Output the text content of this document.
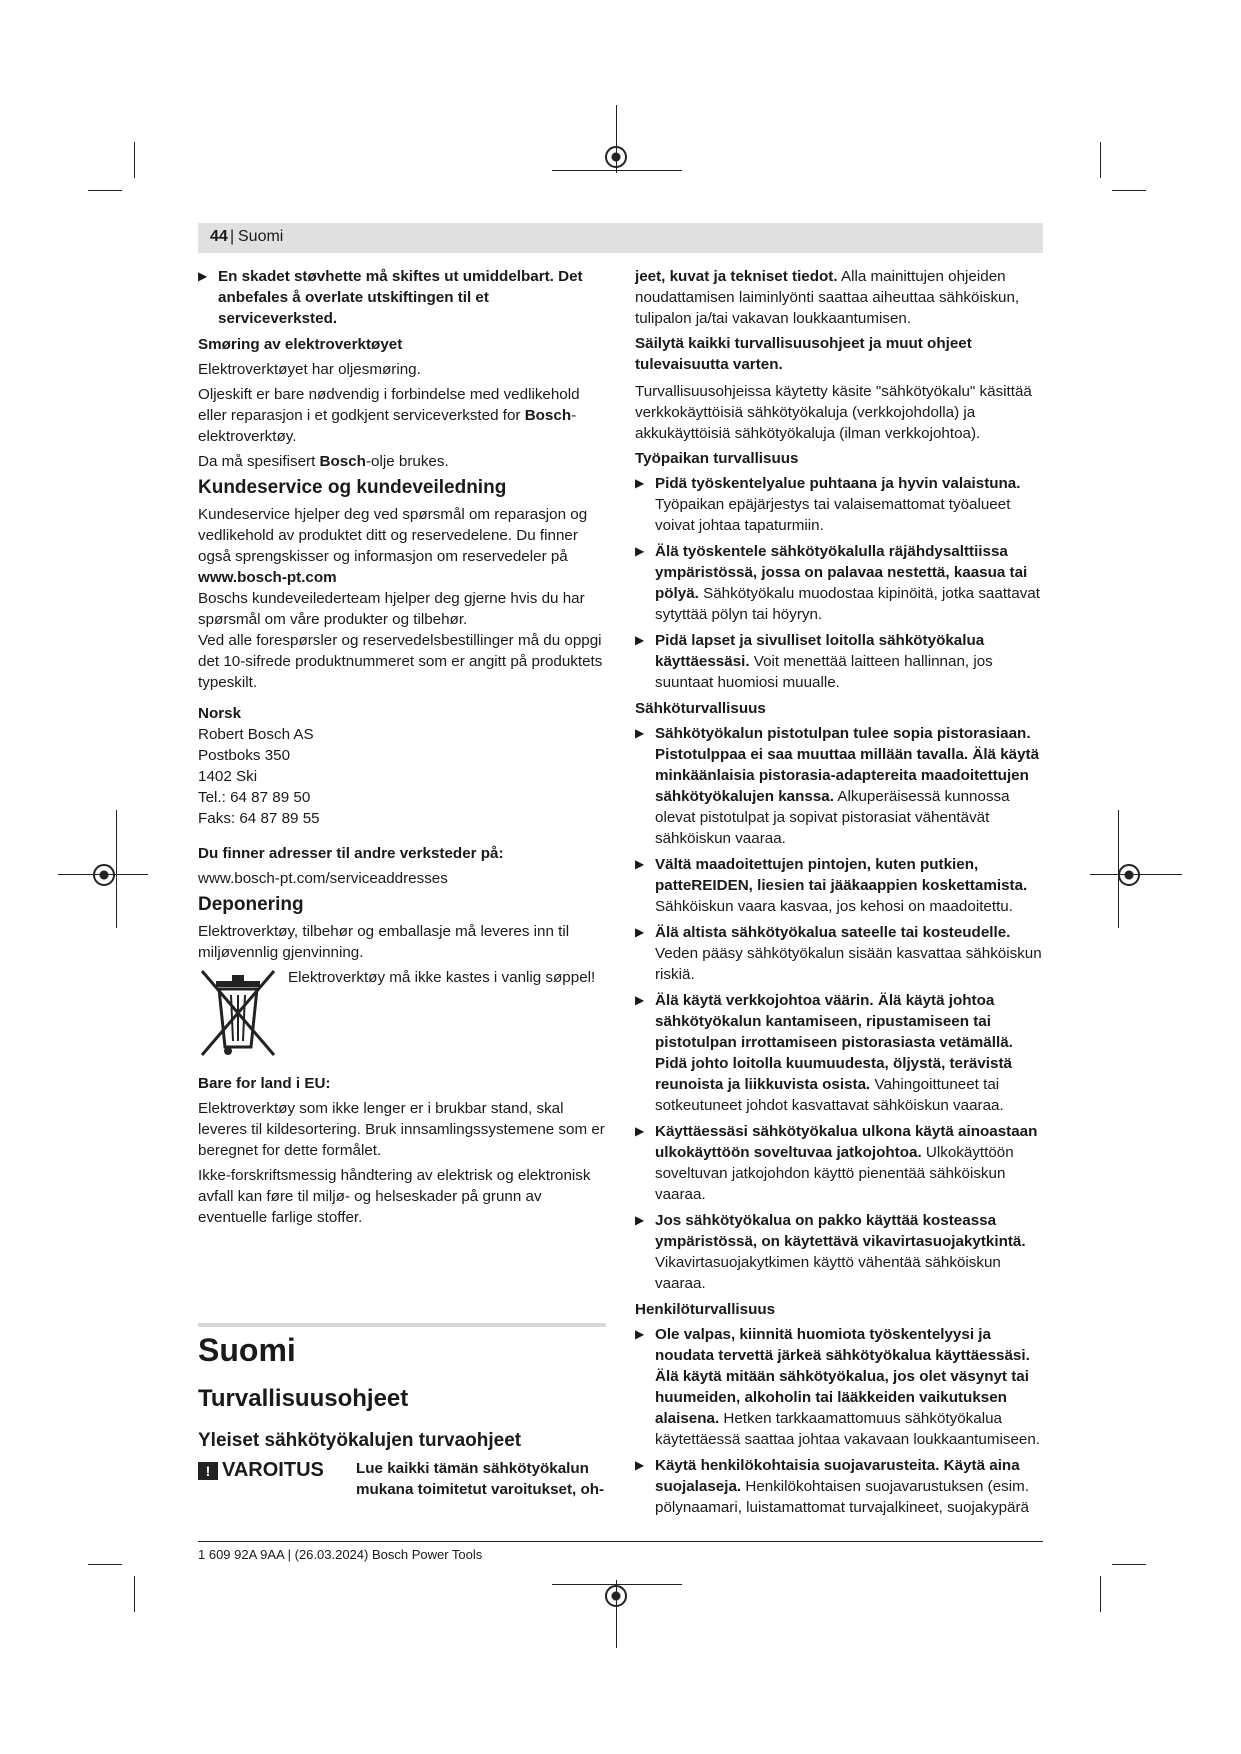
44 | Suomi
▶ En skadet støvhette må skiftes ut umiddelbart. Det anbefales å overlate utskiftingen til et serviceverksted.

Smøring av elektroverktøyet

Elektroverktøyet har oljesmøring.

Oljeskift er bare nødvendig i forbindelse med vedlikehold eller reparasjon i et godkjent serviceverksted for Bosch-elektroverktøy.

Da må spesifisert Bosch-olje brukes.

Kundeservice og kundeveiledning

Kundeservice hjelper deg ved spørsmål om reparasjon og vedlikehold av produktet ditt og reservedelene. Du finner også sprengskisser og informasjon om reservedeler på

www.bosch-pt.com

Boschs kundeveilederteam hjelper deg gjerne hvis du har spørsmål om våre produkter og tilbehør.

Ved alle forespørsler og reservedelsbestillinger må du oppgi det 10-sifrede produktnummeret som er angitt på produktets typeskilt.

Norsk

Robert Bosch AS

Postboks 350

1402 Ski

Tel.: 64 87 89 50

Faks: 64 87 89 55

Du finner adresser til andre verksteder på:

www.bosch-pt.com/serviceaddresses

Deponering

Elektroverktøy, tilbehør og emballasje må leveres inn til miljøvennlig gjenvinning.

Elektroverktøy må ikke kastes i vanlig søppel!

Bare for land i EU:

Elektroverktøy som ikke lenger er i brukbar stand, skal leveres til kildesortering. Bruk innsamlingssystemene som er beregnet for dette formålet.

Ikke-forskriftsmessig håndtering av elektrisk og elektronisk avfall kan føre til miljø- og helseskader på grunn av eventuelle farlige stoffer.

Suomi

Turvallisuusohjeet

Yleiset sähkötyökalujen turvaohjeet

! VAROITUS Lue kaikki tämän sähkötyökalun mukana toimitetut varoitukset, oh-

jeet, kuvat ja tekniset tiedot. Alla mainittujen ohjeiden noudattamisen laiminlyönti saattaa aiheuttaa sähköiskun, tulipalon ja/tai vakavan loukkaantumisen.

Säilytä kaikki turvallisuusohjeet ja muut ohjeet tulevaisuutta varten.

Turvallisuusohjeissa käytetty käsite "sähkötyökalu" käsittää verkkokäyttöisiä sähkötyökaluja (verkkojohdolla) ja akkukäyttöisiä sähkötyökaluja (ilman verkkojohtoa).

Työpaikan turvallisuus

▶ Pidä työskentelyalue puhtaana ja hyvin valaistuna. Työpaikan epäjärjestys tai valaisemattomat työalueet voivat johtaa tapaturmiin.
▶ Älä työskentele sähkötyökalulla räjähdysalttiissa ympäristössä, jossa on palavaa nestettä, kaasua tai pölyä. Sähkötyökalu muodostaa kipinöitä, jotka saattavat sytyttää pölyn tai höyryn.
▶ Pidä lapset ja sivulliset loitolla sähkötyökalua käyttäessäsi. Voit menettää laitteen hallinnan, jos suuntaat huomiosi muualle.

Sähköturvallisuus

▶ Sähkötyökalun pistotulpan tulee sopia pistorasiaan. Pistotulppaa ei saa muuttaa millään tavalla. Älä käytä minkäänlaisia pistorasia-adaptereita maadoitettujen sähkötyökalujen kanssa. Alkuperäisessä kunnossa olevat pistotulpat ja sopivat pistorasiat vähentävät sähköiskun vaaraa.
▶ Vältä maadoitettujen pintojen, kuten putkien, patteREIDEN, liesien tai jääkaappien koskettamista. Sähköiskun vaara kasvaa, jos kehosi on maadoitettu.
▶ Älä altista sähkötyökalua sateelle tai kosteudelle. Veden pääsy sähkötyökalun sisään kasvattaa sähköiskun riskiä.
▶ Älä käytä verkkojohtoa väärin. Älä käytä johtoa sähkötyökalun kantamiseen, ripustamiseen tai pistotulpan irrottamiseen pistorasiasta vetämällä. Pidä johto loitolla kuumuudesta, öljystä, terävistä reunoista ja liikkuvista osista. Vahingoittuneet tai sotkeutuneet johdot kasvattavat sähköiskun vaaraa.
▶ Käyttäessäsi sähkötyökalua ulkona käytä ainoastaan ulkokäyttöön soveltuvaa jatkojohtoa. Ulkokäyttöön soveltuvan jatkojohdon käyttö pienentää sähköiskun vaaraa.
▶ Jos sähkötyökalua on pakko käyttää kosteassa ympäristössä, on käytettävä vikavirtasuojakytkintä. Vikavirtasuojakytkimen käyttö vähentää sähköiskun vaaraa.

Henkilöturvallisuus

▶ Ole valpas, kiinnitä huomiota työskentelyysi ja noudata tervettä järkeä sähkötyökalua käyttäessäsi. Älä käytä mitään sähkötyökalua, jos olet väsynyt tai huumeiden, alkoholin tai lääkkeiden vaikutuksen alaisena. Hetken tarkkaamattomuus sähkötyökalua käytettäessä saattaa johtaa vakavaan loukkaantumiseen.
▶ Käytä henkilökohtaisia suojavarusteita. Käytä aina suojalaseja. Henkilökohtaisen suojavarustuksen (esim. pölynaamari, luistamattomat turvajalkineet, suojakypärä
1 609 92A 9AA | (26.03.2024) Bosch Power Tools
